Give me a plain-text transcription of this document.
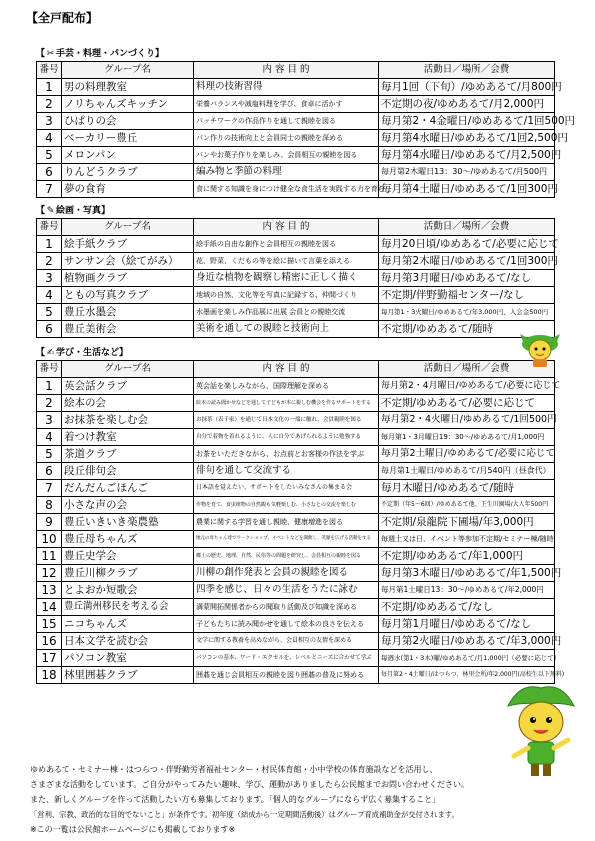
【全戸配布】
【 ✂ 手芸・料理・パンづくり】
番号	グループ名	内 容 目 的	活動日／場所／会費
1	男の料理教室	料理の技術習得	毎月1回（下旬）/ゆめあるて/月800円
2	ノリちゃんズキッチン	栄養バランスや減塩料理を学び、食卓に活かす	不定期の夜/ゆめあるて/月2,000円
3	ひぱりの会	パッチワークの作品作りを通して親睦を図る	毎月第2・4金曜日/ゆめあるて/1回500円
4	ベーカリー豊丘	パン作りの技術向上と会員同士の親睦を深める	毎月第4水曜日/ゆめあるて/1回2,500円
5	メロンパン	パンやお菓子作りを楽しみ、会員相互の親睦を図る	毎月第4水曜日/ゆめあるて/月2,500円
6	りんどうクラブ	編み物と季節の料理	毎月第2木曜日13：30～/ゆめあるて/月500円
7	夢の食育	食に関する知識を身につけ健全な食生活を実践する力を育む	毎月第4土曜日/ゆめあるて/1回300円
【 ✎ 絵画・写真】
番号	グループ名	内 容 目 的	活動日／場所／会費
1	絵手紙クラブ	絵手紙の自由な創作と会員相互の親睦を図る	毎月20日頃/ゆめあるて/必要に応じて
2	サンサン会（絵てがみ）	花、野菜、くだもの等を絵に描いて言葉を添える	毎月第2木曜日/ゆめあるて/1回300円
3	植物画クラブ	身近な植物を観察し精密に正しく描く	毎月第3月曜日/ゆめあるて/なし
4	ともの写真クラブ	地域の自然、文化等を写真に記録する、仲間づくり	不定期/伴野勤福センター/なし
5	豊丘水墨会	水墨画を楽しみ作品展に出展 会員との親睦交流	毎月第1・3火曜日/ゆめあるて/年3,000円、入会金500円
6	豊丘美術会	美術を通しての親睦と技術向上	不定期/ゆめあるて/随時
【 ✍ 学び・生活など】
番号	グループ名	内 容 目 的	活動日／場所／会費
1	英会話クラブ	英会話を楽しみながら、国際理解を深める	毎月第2・4月曜日/ゆめあるて/必要に応じて
2	絵本の会	絵本の読み聞かせなどを通して子どもが本に親しむ機会を作るサポートをする	不定期/ゆめあるて/必要に応じて
3	お抹茶を楽しむ会	お抹茶（表千家）を通じて日本文化の一端に触れ、会員親睦を図る	毎月第2・4火曜日/ゆめあるて/1回500円
4	着つけ教室	自分で着物を着れるように、人に自分であげられるように勉強する	毎月第1・3月曜日19：30～/ゆめあるて/月1,000円
5	茶道クラブ	お茶をいただきながら、お点前とお客様の作法を学ぶ	毎月第2土曜日/ゆめあるて/必要に応じて
6	段丘俳句会	俳句を通して交流する	毎月第1土曜日/ゆめあるて/月540円（昼食代）
7	だんだんごほんご	日本語を覚えたい、サポートをしたいみなさんの集まる会	毎月木曜日/ゆめあるて/随時
8	小さな声の会	作物を育て、食虫植物の自然観も気軽楽しむ、小さなとの交流を楽しむ	不定期（年5～6回）/ゆめあるて他、王生川園場/大人年500円
9	豊丘いきいき楽農塾	農業に関する学習を通し親睦、健康増進を図る	不定期/泉龍院下圃場/年3,000円
10	豊丘母ちゃんズ	地元の母ちゃん達でワークショップ、イベントなどを開催し、笑顔を広げる活動をする	毎週土又は日、イベント等参加不定期/セミナー棟/随時
11	豊丘史学会	郷土の歴史、地理、自然、民俗等の問題を研究し、会員相互の親睦を図る	不定期/ゆめあるて/年1,000円
12	豊丘川柳クラブ	川柳の創作発表と会員の親睦を図る	毎月第3木曜日/ゆめあるて/年1,500円
13	とよおか短歌会	四季を感じ、日々の生活をうたに詠む	毎月第1土曜日13：30～/ゆめあるて/年2,000円
14	豊丘満州移民を考える会	満蒙開拓関係者からの聞取り活動及び知識を深める	不定期/ゆめあるて/なし
15	ニコちゃんズ	子どもたちに読み聞かせを通して絵本の良さを伝える	毎月第1月曜日/ゆめあるて/なし
16	日本文学を読む会	文学に関する教養を高めながら、会員相互の友情を深める	毎月第2火曜日/ゆめあるて/年3,000円
17	パソコン教室	パソコンの基本、ワード・エクセルを、レベルとニーズに合わせて学ぶ	毎週水(第1・3木)曜/ゆめあるて/月1,000円（必要に応じて）
18	林里囲碁クラブ	囲碁を通じ会員相互の親睦を図り囲碁の普及に努める	毎月第2・4土曜日/はつらつ、林里会所/年2,000円(高校生以下無料)
ゆめあるて・セミナー棟・はつらつ・伴野勤労者福祉センター・村民体育館・小中学校の体育施設などを活用し、
さまざまな活動をしています。ご自分がやってみたい趣味、学び、運動がありましたら公民館までお問い合わせください。
また、新しくグループを作って活動したい方も募集しております。「個人的なグループにならず広く募集すること」
「営利、宗教、政治的な目的でないこと」が条件です。初年度（結成から一定期間活動後）はグループ育成補助金が交付されます。
※この一覧は公民館ホームページにも掲載しております※
